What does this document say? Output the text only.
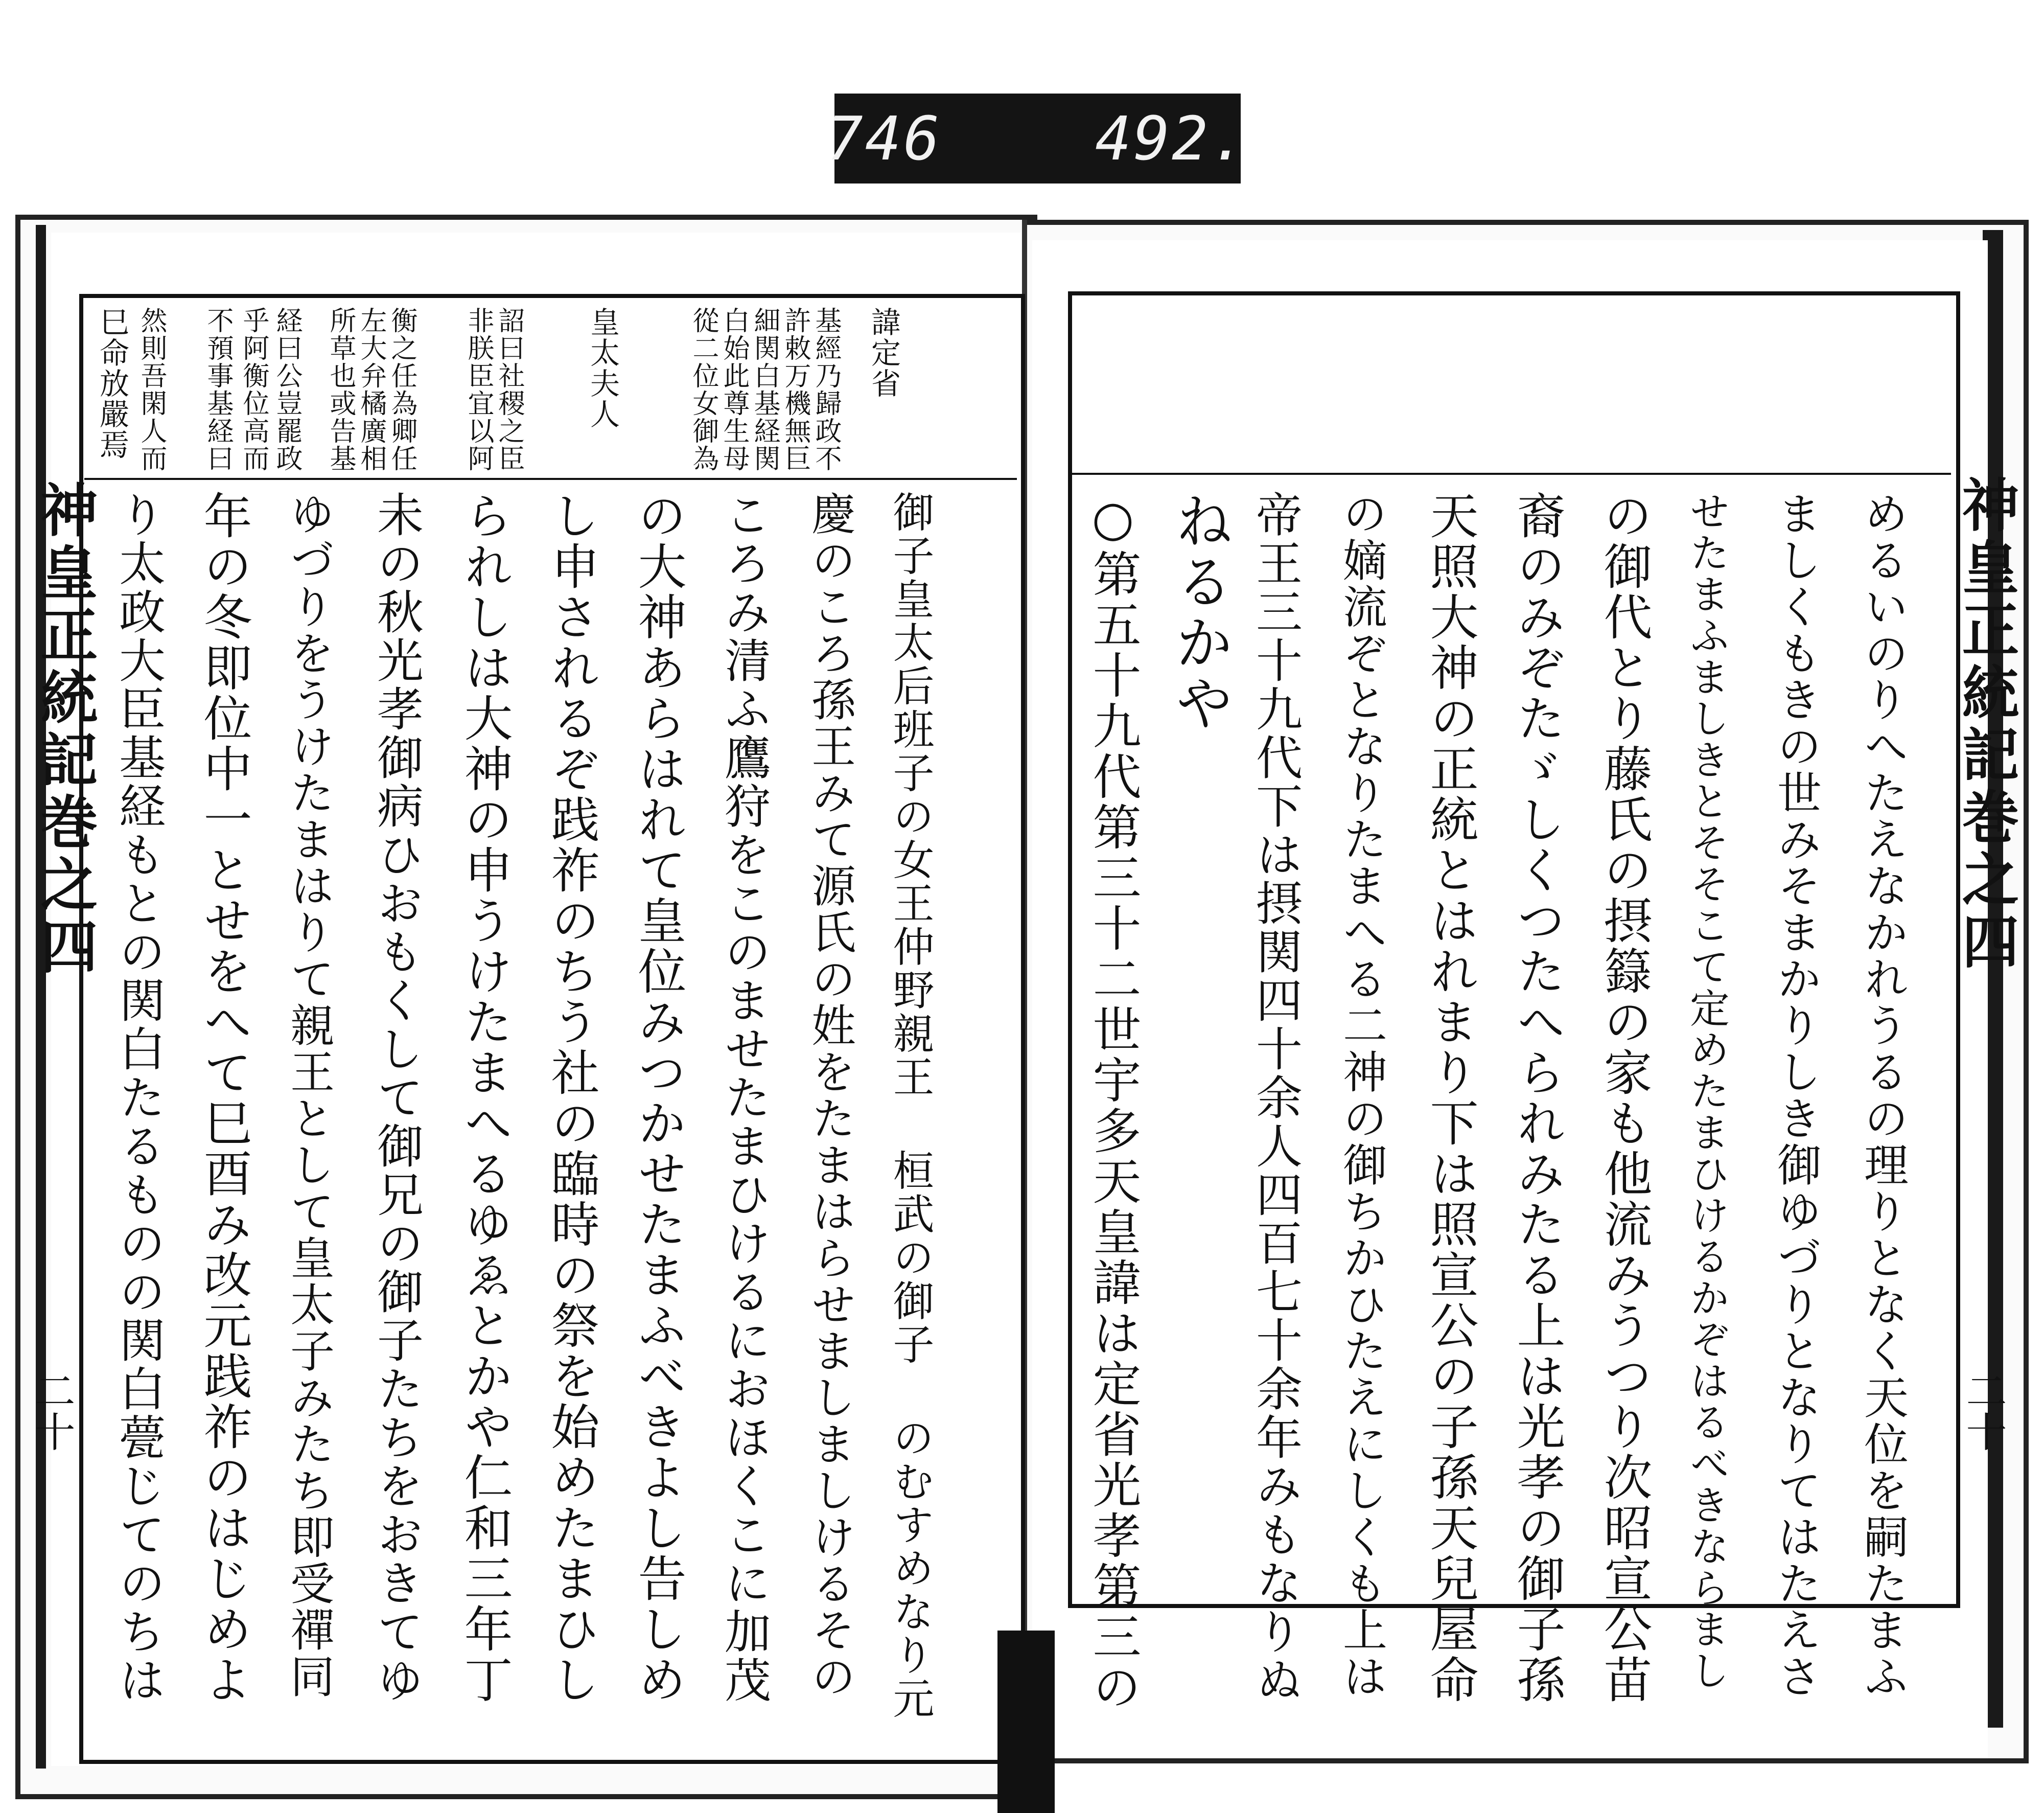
746
	492.
神皇正統記巻之四
二十
諱定省
基經乃歸政不
許敕万機無巨
細関白基経関
白始此尊生母
從二位女御為
皇太夫人
詔曰社稷之臣
非朕臣宜以阿
衡之任為卿任
左大弁橘廣相
所草也或告基
経曰公豈罷政
乎阿衡位高而
不預事基経曰
然則吾閑人而
巳命放嚴焉
御子皇太后班子の女王仲野親王 桓武の御子 のむすめなり元
慶のころ孫王みて源氏の姓をたまはらせましましけるその
ころみ清ふ鷹狩をこのませたまひけるにおほくこに加茂
の大神あらはれて皇位みつかせたまふべきよし告しめ
し申されるぞ践祚のちう社の臨時の祭を始めたまひし
られしは大神の申うけたまへるゆゑとかや仁和三年丁
未の秋光孝御病ひおもくして御兄の御子たちをおきてゆ
ゆづりをうけたまはりて親王として皇太子みたち即受禪同
年の冬即位中一とせをへて巳酉み改元践祚のはじめよ
り太政大臣基経もとの関白たるものの関白甍じてのちは	神皇正統記巻之四
二十
めるいのりへたえなかれうるの理りとなく天位を嗣たまふ
ましくもきの世みそまかりしき御ゆづりとなりてはたえさ
せたまふましきとそそこて定めたまひけるかぞはるべきならまし
の御代とり藤氏の摂籙の家も他流みうつり次昭宣公苗
裔のみぞたゞしくつたへられみたる上は光孝の御子孫
天照大神の正統とはれまり下は照宣公の子孫天兒屋命
の嫡流ぞとなりたまへる二神の御ちかひたえにしくも上は
帝王三十九代下は摂関四十余人四百七十余年みもなりぬ
ねるかや
○第五十九代第三十二世宇多天皇諱は定省光孝第三の
